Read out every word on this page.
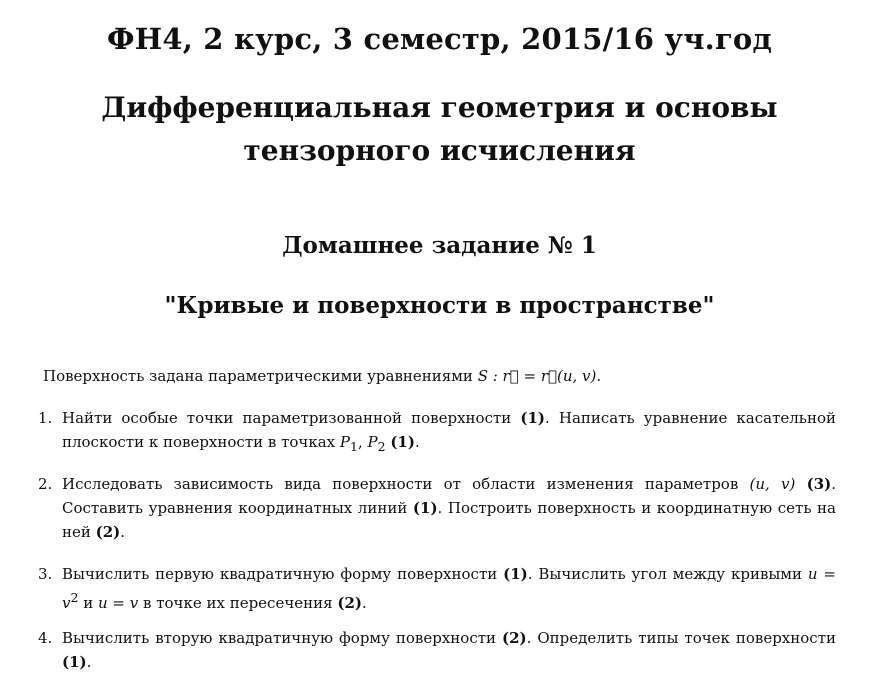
ФН4, 2 курс, 3 семестр, 2015/16 уч.год
Дифференциальная геометрия и основы
тензорного исчисления
Домашнее задание № 1
"Кривые и поверхности в пространстве"
Поверхность задана параметрическими уравнениями S : r⃗ = r⃗(u, v).
1. Найти особые точки параметризованной поверхности (1). Написать уравнение касательной плоскости к поверхности в точках $P_1$, $P_2$ (1).
2. Исследовать зависимость вида поверхности от области изменения параметров (u, v) (3). Составить уравнения координатных линий (1). Построить поверхность и координатную сеть на ней (2).
3. Вычислить первую квадратичную форму поверхности (1). Вычислить угол между кривыми $u = v^2$ и u = v в точке их пересечения (2).
4. Вычислить вторую квадратичную форму поверхности (2). Определить типы точек поверхности (1).
